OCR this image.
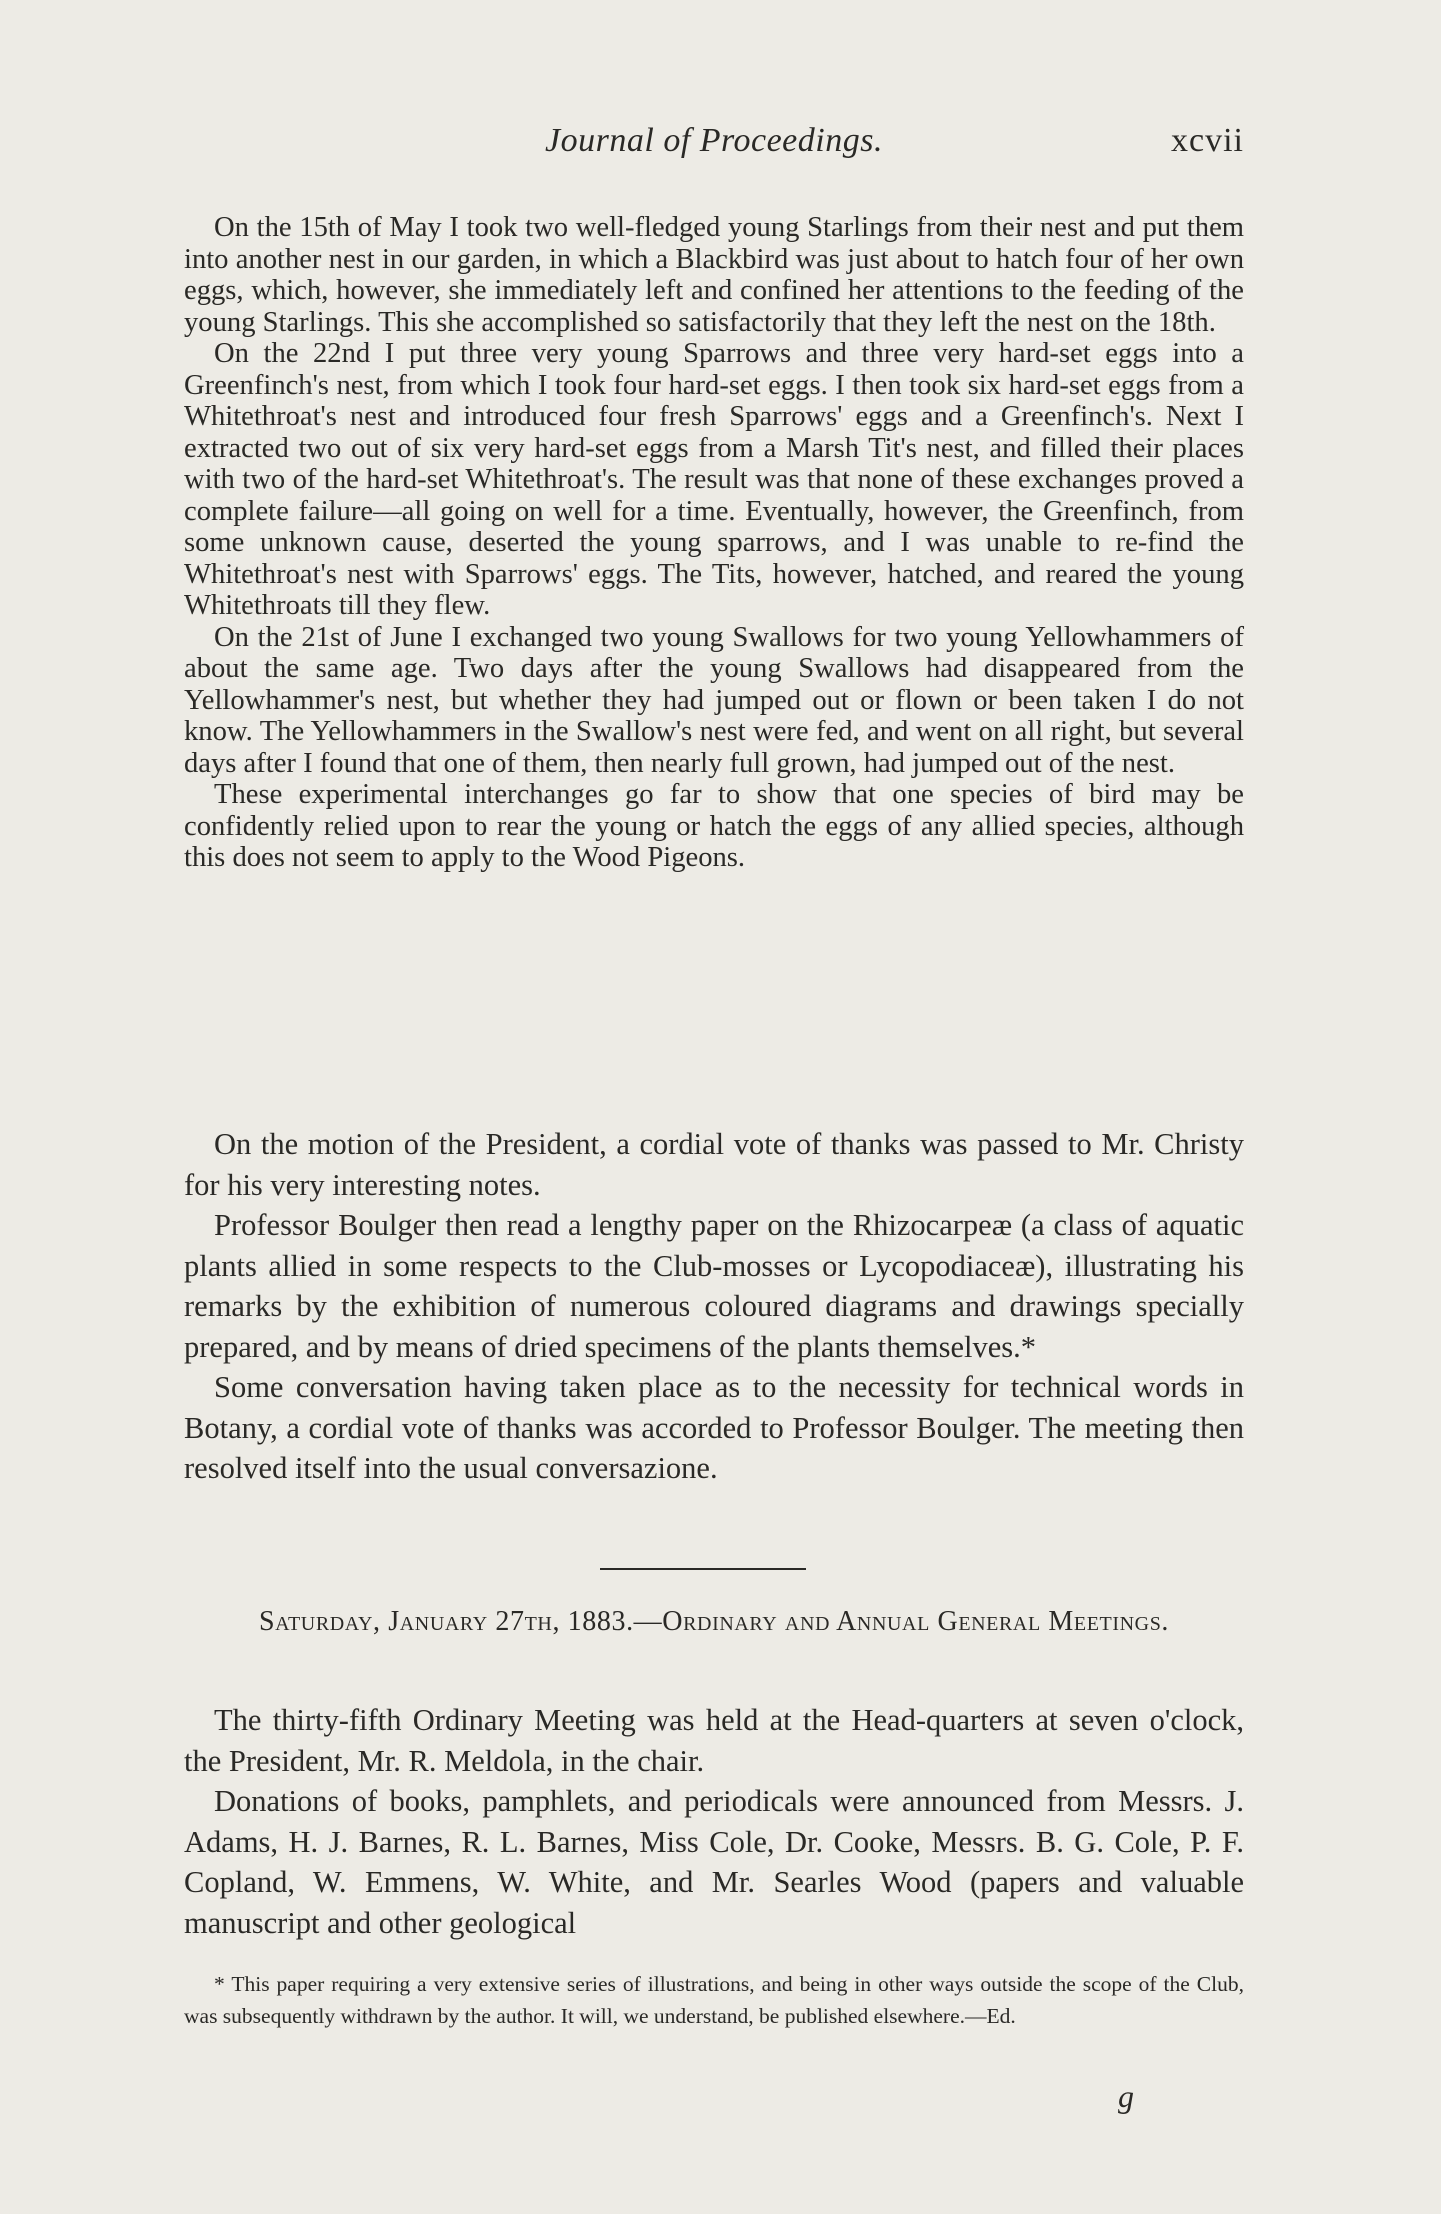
Journal of Proceedings.	xcvii

On the 15th of May I took two well-fledged young Starlings from their nest and put them into another nest in our garden, in which a Blackbird was just about to hatch four of her own eggs, which, however, she immediately left and confined her attentions to the feeding of the young Starlings. This she accomplished so satisfactorily that they left the nest on the 18th.

On the 22nd I put three very young Sparrows and three very hard-set eggs into a Greenfinch's nest, from which I took four hard-set eggs. I then took six hard-set eggs from a Whitethroat's nest and introduced four fresh Sparrows' eggs and a Greenfinch's. Next I extracted two out of six very hard-set eggs from a Marsh Tit's nest, and filled their places with two of the hard-set Whitethroat's. The result was that none of these exchanges proved a complete failure—all going on well for a time. Eventually, however, the Greenfinch, from some unknown cause, deserted the young sparrows, and I was unable to re-find the Whitethroat's nest with Sparrows' eggs. The Tits, however, hatched, and reared the young Whitethroats till they flew.

On the 21st of June I exchanged two young Swallows for two young Yellowhammers of about the same age. Two days after the young Swallows had disappeared from the Yellowhammer's nest, but whether they had jumped out or flown or been taken I do not know. The Yellowhammers in the Swallow's nest were fed, and went on all right, but several days after I found that one of them, then nearly full grown, had jumped out of the nest.

These experimental interchanges go far to show that one species of bird may be confidently relied upon to rear the young or hatch the eggs of any allied species, although this does not seem to apply to the Wood Pigeons.

On the motion of the President, a cordial vote of thanks was passed to Mr. Christy for his very interesting notes.

Professor Boulger then read a lengthy paper on the Rhizocarpeæ (a class of aquatic plants allied in some respects to the Club-mosses or Lycopodiaceæ), illustrating his remarks by the exhibition of numerous coloured diagrams and drawings specially prepared, and by means of dried specimens of the plants themselves.*

Some conversation having taken place as to the necessity for technical words in Botany, a cordial vote of thanks was accorded to Professor Boulger. The meeting then resolved itself into the usual conversazione.

Saturday, January 27th, 1883.—Ordinary and Annual General Meetings.

The thirty-fifth Ordinary Meeting was held at the Head-quarters at seven o'clock, the President, Mr. R. Meldola, in the chair.

Donations of books, pamphlets, and periodicals were announced from Messrs. J. Adams, H. J. Barnes, R. L. Barnes, Miss Cole, Dr. Cooke, Messrs. B. G. Cole, P. F. Copland, W. Emmens, W. White, and Mr. Searles Wood (papers and valuable manuscript and other geological

* This paper requiring a very extensive series of illustrations, and being in other ways outside the scope of the Club, was subsequently withdrawn by the author. It will, we understand, be published elsewhere.—Ed.

g
